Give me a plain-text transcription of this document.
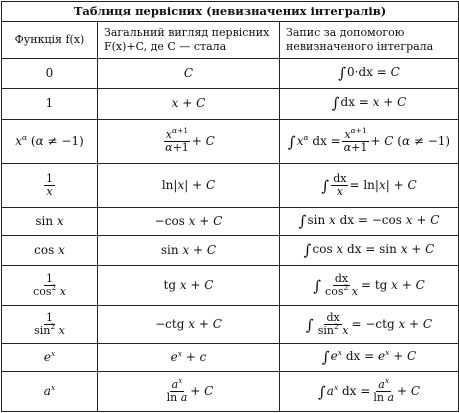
Таблиця первісних (невизначених інтегралів)		
Функція f(x)	Загальний вигляд первісних F(x)+C, де C — стала	Запис за допомогою невизначеного інтеграла
0	C	∫0·dx = C
1	x + C	∫dx = x + C
$x^\alpha$ (α ≠ −1)	$\frac{x^{\alpha+1}}{\alpha+1} + C$	$\int x^\alpha$ dx = $\frac{x^{\alpha+1}}{\alpha+1} + C$ (α ≠ −1)

$\frac{1}{x}$	ln|x| + C	∫ $\frac{dx}{x} = \ln|x| + C$
sin x	−cos x + C	∫sin x dx = −cos x + C
cos x	sin x + C	∫cos x dx = sin x + C

$\frac{1}{\cos^2 x}$	tg x + C	∫ $\frac{dx}{\cos^2 x}$ = tg x + C

$\frac{1}{\sin^2 x}$	−ctg x + C	∫ $\frac{dx}{\sin^2 x} = -ctg$ x + C
$e^x$	$e^x + c$	$\int e^x$ dx = $e^x + C$
$a^x$	$\frac{a^x}{\text{ln a}} + C$	$\int a^x$ dx = $\frac{a^x}{\text{ln a}} + C$
